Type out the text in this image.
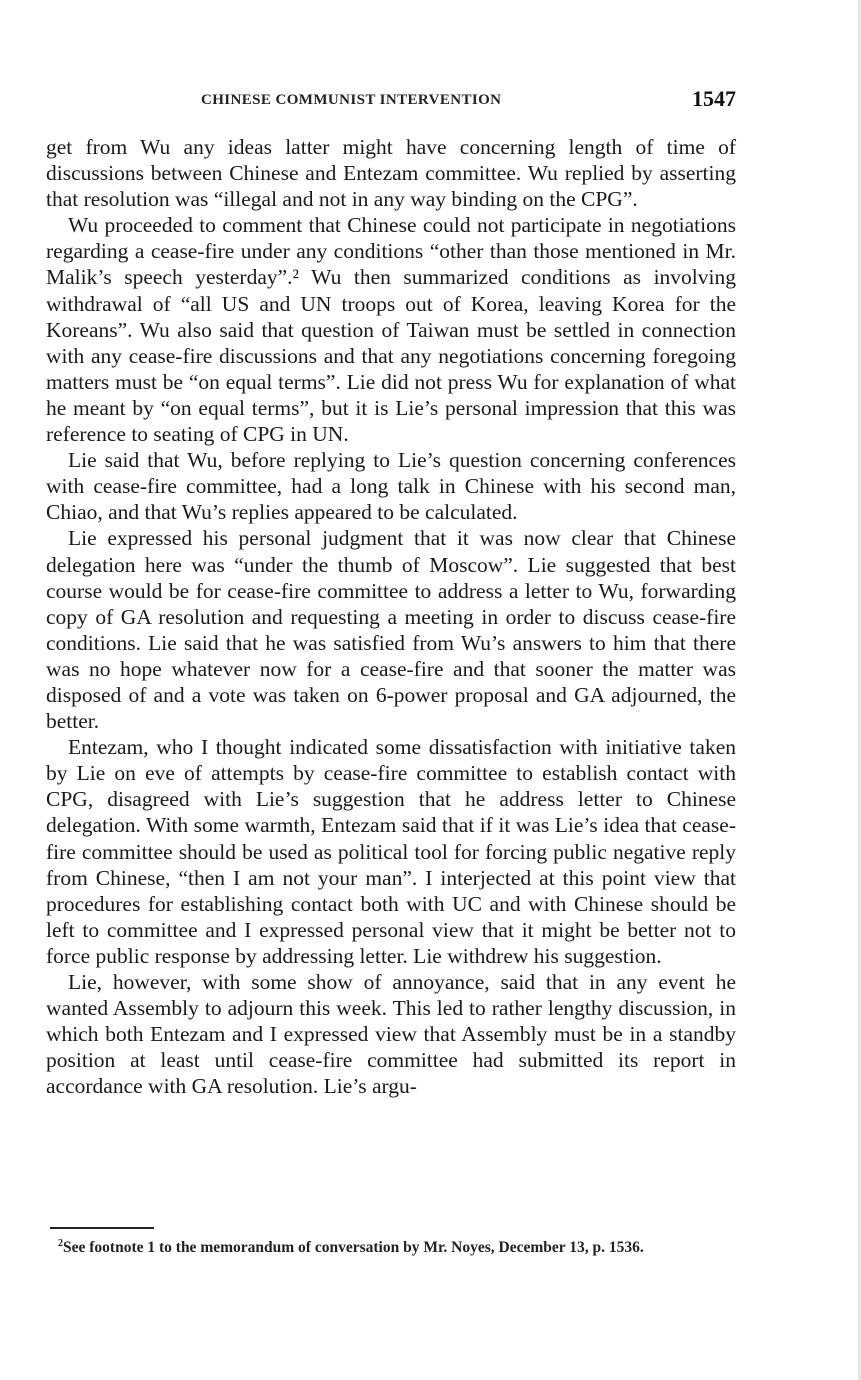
CHINESE COMMUNIST INTERVENTION	1547

get from Wu any ideas latter might have concerning length of time of discussions between Chinese and Entezam committee. Wu replied by asserting that resolution was “illegal and not in any way binding on the CPG”.

Wu proceeded to comment that Chinese could not participate in negotiations regarding a cease-fire under any conditions “other than those mentioned in Mr. Malik’s speech yesterday”.² Wu then summarized conditions as involving withdrawal of “all US and UN troops out of Korea, leaving Korea for the Koreans”. Wu also said that question of Taiwan must be settled in connection with any cease-fire discussions and that any negotiations concerning foregoing matters must be “on equal terms”. Lie did not press Wu for explanation of what he meant by “on equal terms”, but it is Lie’s personal impression that this was reference to seating of CPG in UN.

Lie said that Wu, before replying to Lie’s question concerning conferences with cease-fire committee, had a long talk in Chinese with his second man, Chiao, and that Wu’s replies appeared to be calculated.

Lie expressed his personal judgment that it was now clear that Chinese delegation here was “under the thumb of Moscow”. Lie suggested that best course would be for cease-fire committee to address a letter to Wu, forwarding copy of GA resolution and requesting a meeting in order to discuss cease-fire conditions. Lie said that he was satisfied from Wu’s answers to him that there was no hope whatever now for a cease-fire and that sooner the matter was disposed of and a vote was taken on 6-power proposal and GA adjourned, the better.

Entezam, who I thought indicated some dissatisfaction with initiative taken by Lie on eve of attempts by cease-fire committee to establish contact with CPG, disagreed with Lie’s suggestion that he address letter to Chinese delegation. With some warmth, Entezam said that if it was Lie’s idea that cease-fire committee should be used as political tool for forcing public negative reply from Chinese, “then I am not your man”. I interjected at this point view that procedures for establishing contact both with UC and with Chinese should be left to committee and I expressed personal view that it might be better not to force public response by addressing letter. Lie withdrew his suggestion.

Lie, however, with some show of annoyance, said that in any event he wanted Assembly to adjourn this week. This led to rather lengthy discussion, in which both Entezam and I expressed view that Assembly must be in a standby position at least until cease-fire committee had submitted its report in accordance with GA resolution. Lie’s argu-

$^2$See footnote 1 to the memorandum of conversation by Mr. Noyes, December 13, p. 1536.
